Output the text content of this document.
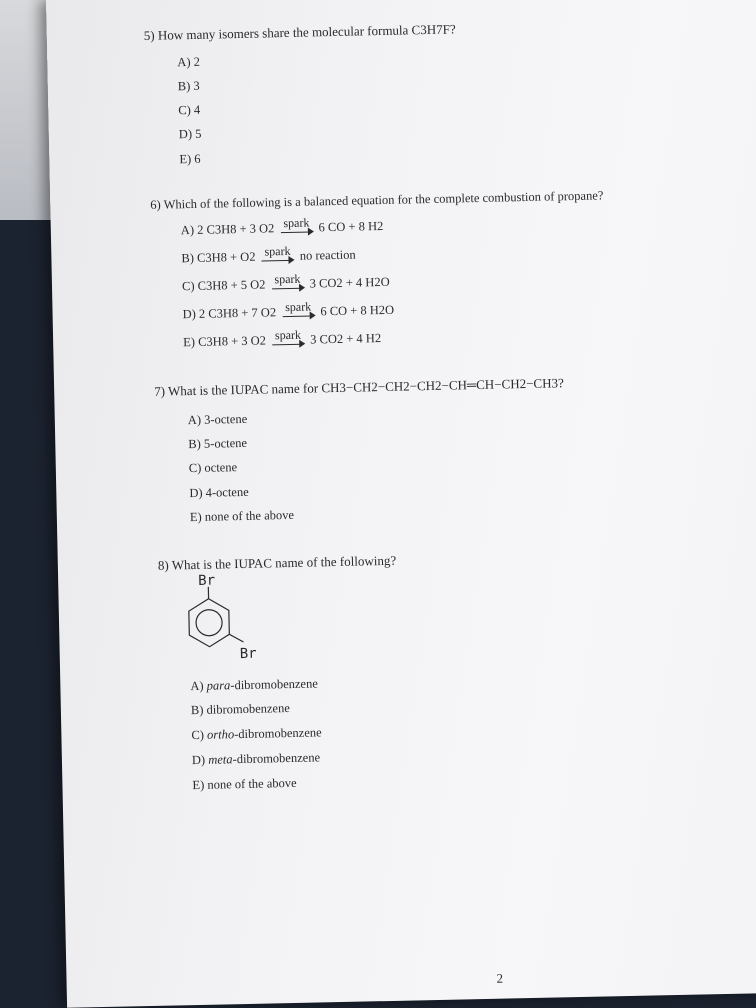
5) How many isomers share the molecular formula C3H7F?
A) 2
B) 3
C) 4
D) 5
E) 6
6) Which of the following is a balanced equation for the complete combustion of propane?
A) 2 C3H8 + 3 O2 spark 6 CO + 8 H2
B) C3H8 + O2 spark no reaction
C) C3H8 + 5 O2 spark 3 CO2 + 4 H2O
D) 2 C3H8 + 7 O2 spark 6 CO + 8 H2O
E) C3H8 + 3 O2 spark 3 CO2 + 4 H2
7) What is the IUPAC name for CH3−CH2−CH2−CH2−CH═CH−CH2−CH3?
A) 3-octene
B) 5-octene
C) octene
D) 4-octene
E) none of the above
8) What is the IUPAC name of the following?
Br
Br
A) para-dibromobenzene
B) dibromobenzene
C) ortho-dibromobenzene
D) meta-dibromobenzene
E) none of the above
2
